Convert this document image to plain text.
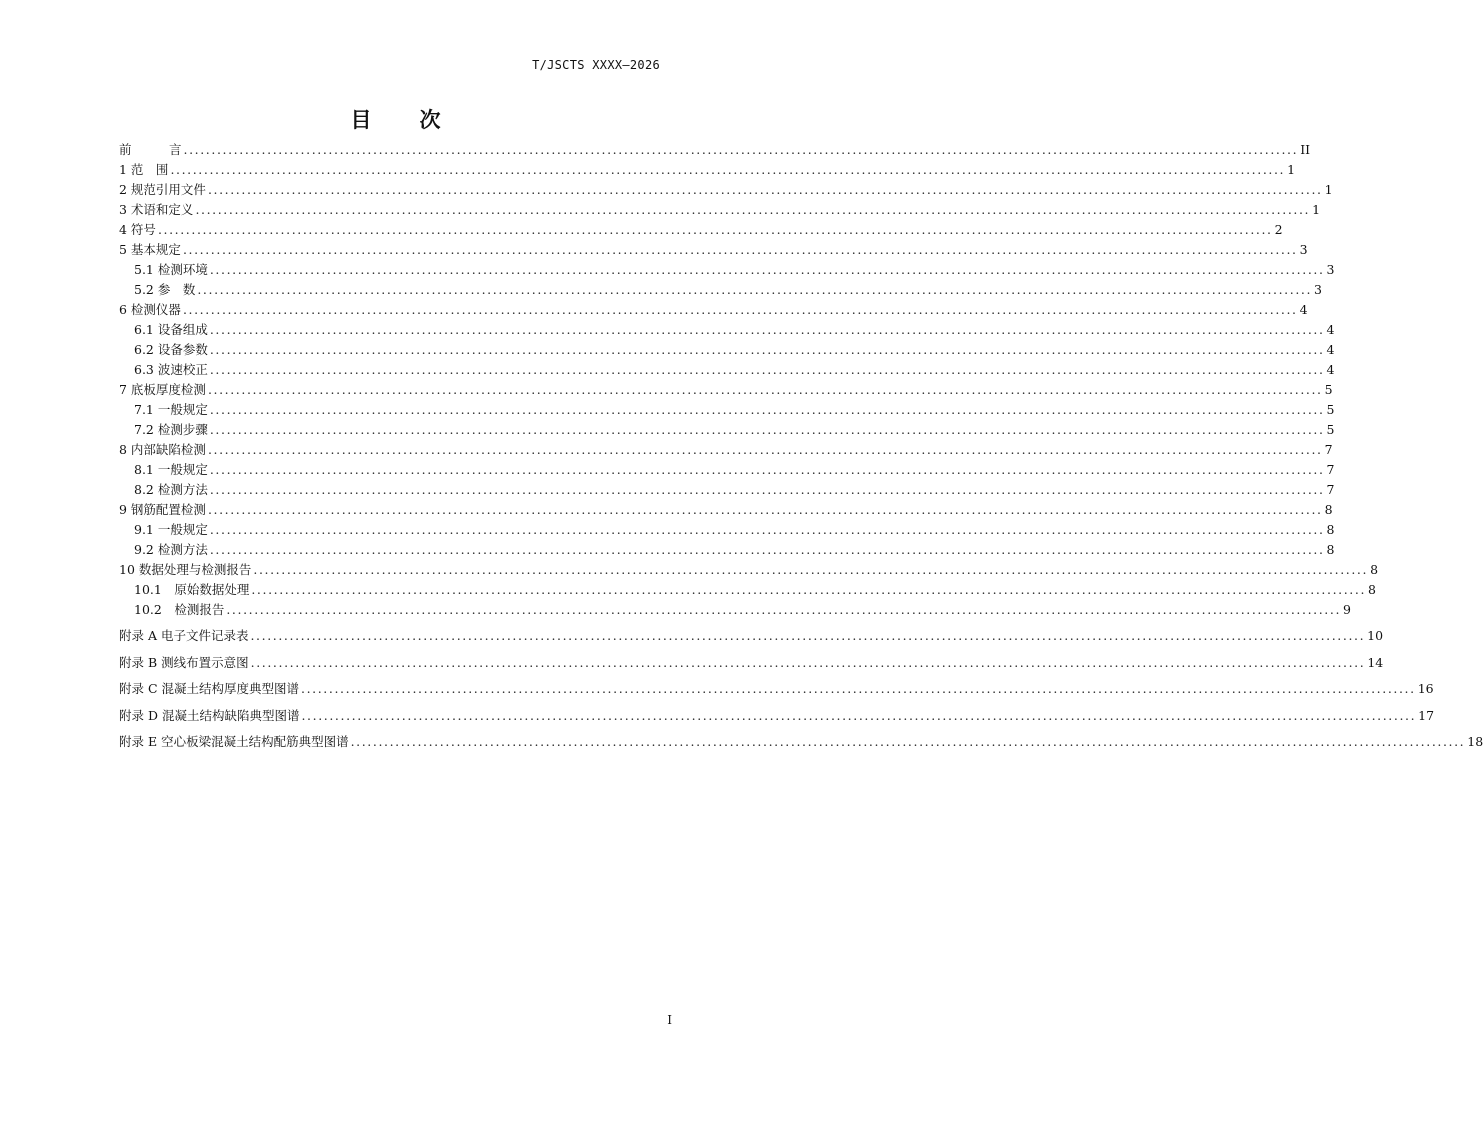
T/JSCTS XXXX—2026
目　　次
前　　　言 ........................................................................................................................................................................................................ II
1 范　围 ........................................................................................................................................................................................................ 1
2 规范引用文件 ........................................................................................................................................................................................................ 1
3 术语和定义 ........................................................................................................................................................................................................ 1
4 符号 ........................................................................................................................................................................................................ 2
5 基本规定 ........................................................................................................................................................................................................ 3
5.1 检测环境 ........................................................................................................................................................................................................ 3
5.2 参　数 ........................................................................................................................................................................................................ 3
6 检测仪器 ........................................................................................................................................................................................................ 4
6.1 设备组成 ........................................................................................................................................................................................................ 4
6.2 设备参数 ........................................................................................................................................................................................................ 4
6.3 波速校正 ........................................................................................................................................................................................................ 4
7 底板厚度检测 ........................................................................................................................................................................................................ 5
7.1 一般规定 ........................................................................................................................................................................................................ 5
7.2 检测步骤 ........................................................................................................................................................................................................ 5
8 内部缺陷检测 ........................................................................................................................................................................................................ 7
8.1 一般规定 ........................................................................................................................................................................................................ 7
8.2 检测方法 ........................................................................................................................................................................................................ 7
9 钢筋配置检测 ........................................................................................................................................................................................................ 8
9.1 一般规定 ........................................................................................................................................................................................................ 8
9.2 检测方法 ........................................................................................................................................................................................................ 8
10 数据处理与检测报告 ........................................................................................................................................................................................................ 8
10.1　原始数据处理 ........................................................................................................................................................................................................ 8
10.2　检测报告 ........................................................................................................................................................................................................ 9
附录 A 电子文件记录表 ........................................................................................................................................................................................................ 10
附录 B 测线布置示意图 ........................................................................................................................................................................................................ 14
附录 C 混凝土结构厚度典型图谱 ........................................................................................................................................................................................................ 16
附录 D 混凝土结构缺陷典型图谱 ........................................................................................................................................................................................................ 17
附录 E 空心板梁混凝土结构配筋典型图谱 ........................................................................................................................................................................................................ 18
I
